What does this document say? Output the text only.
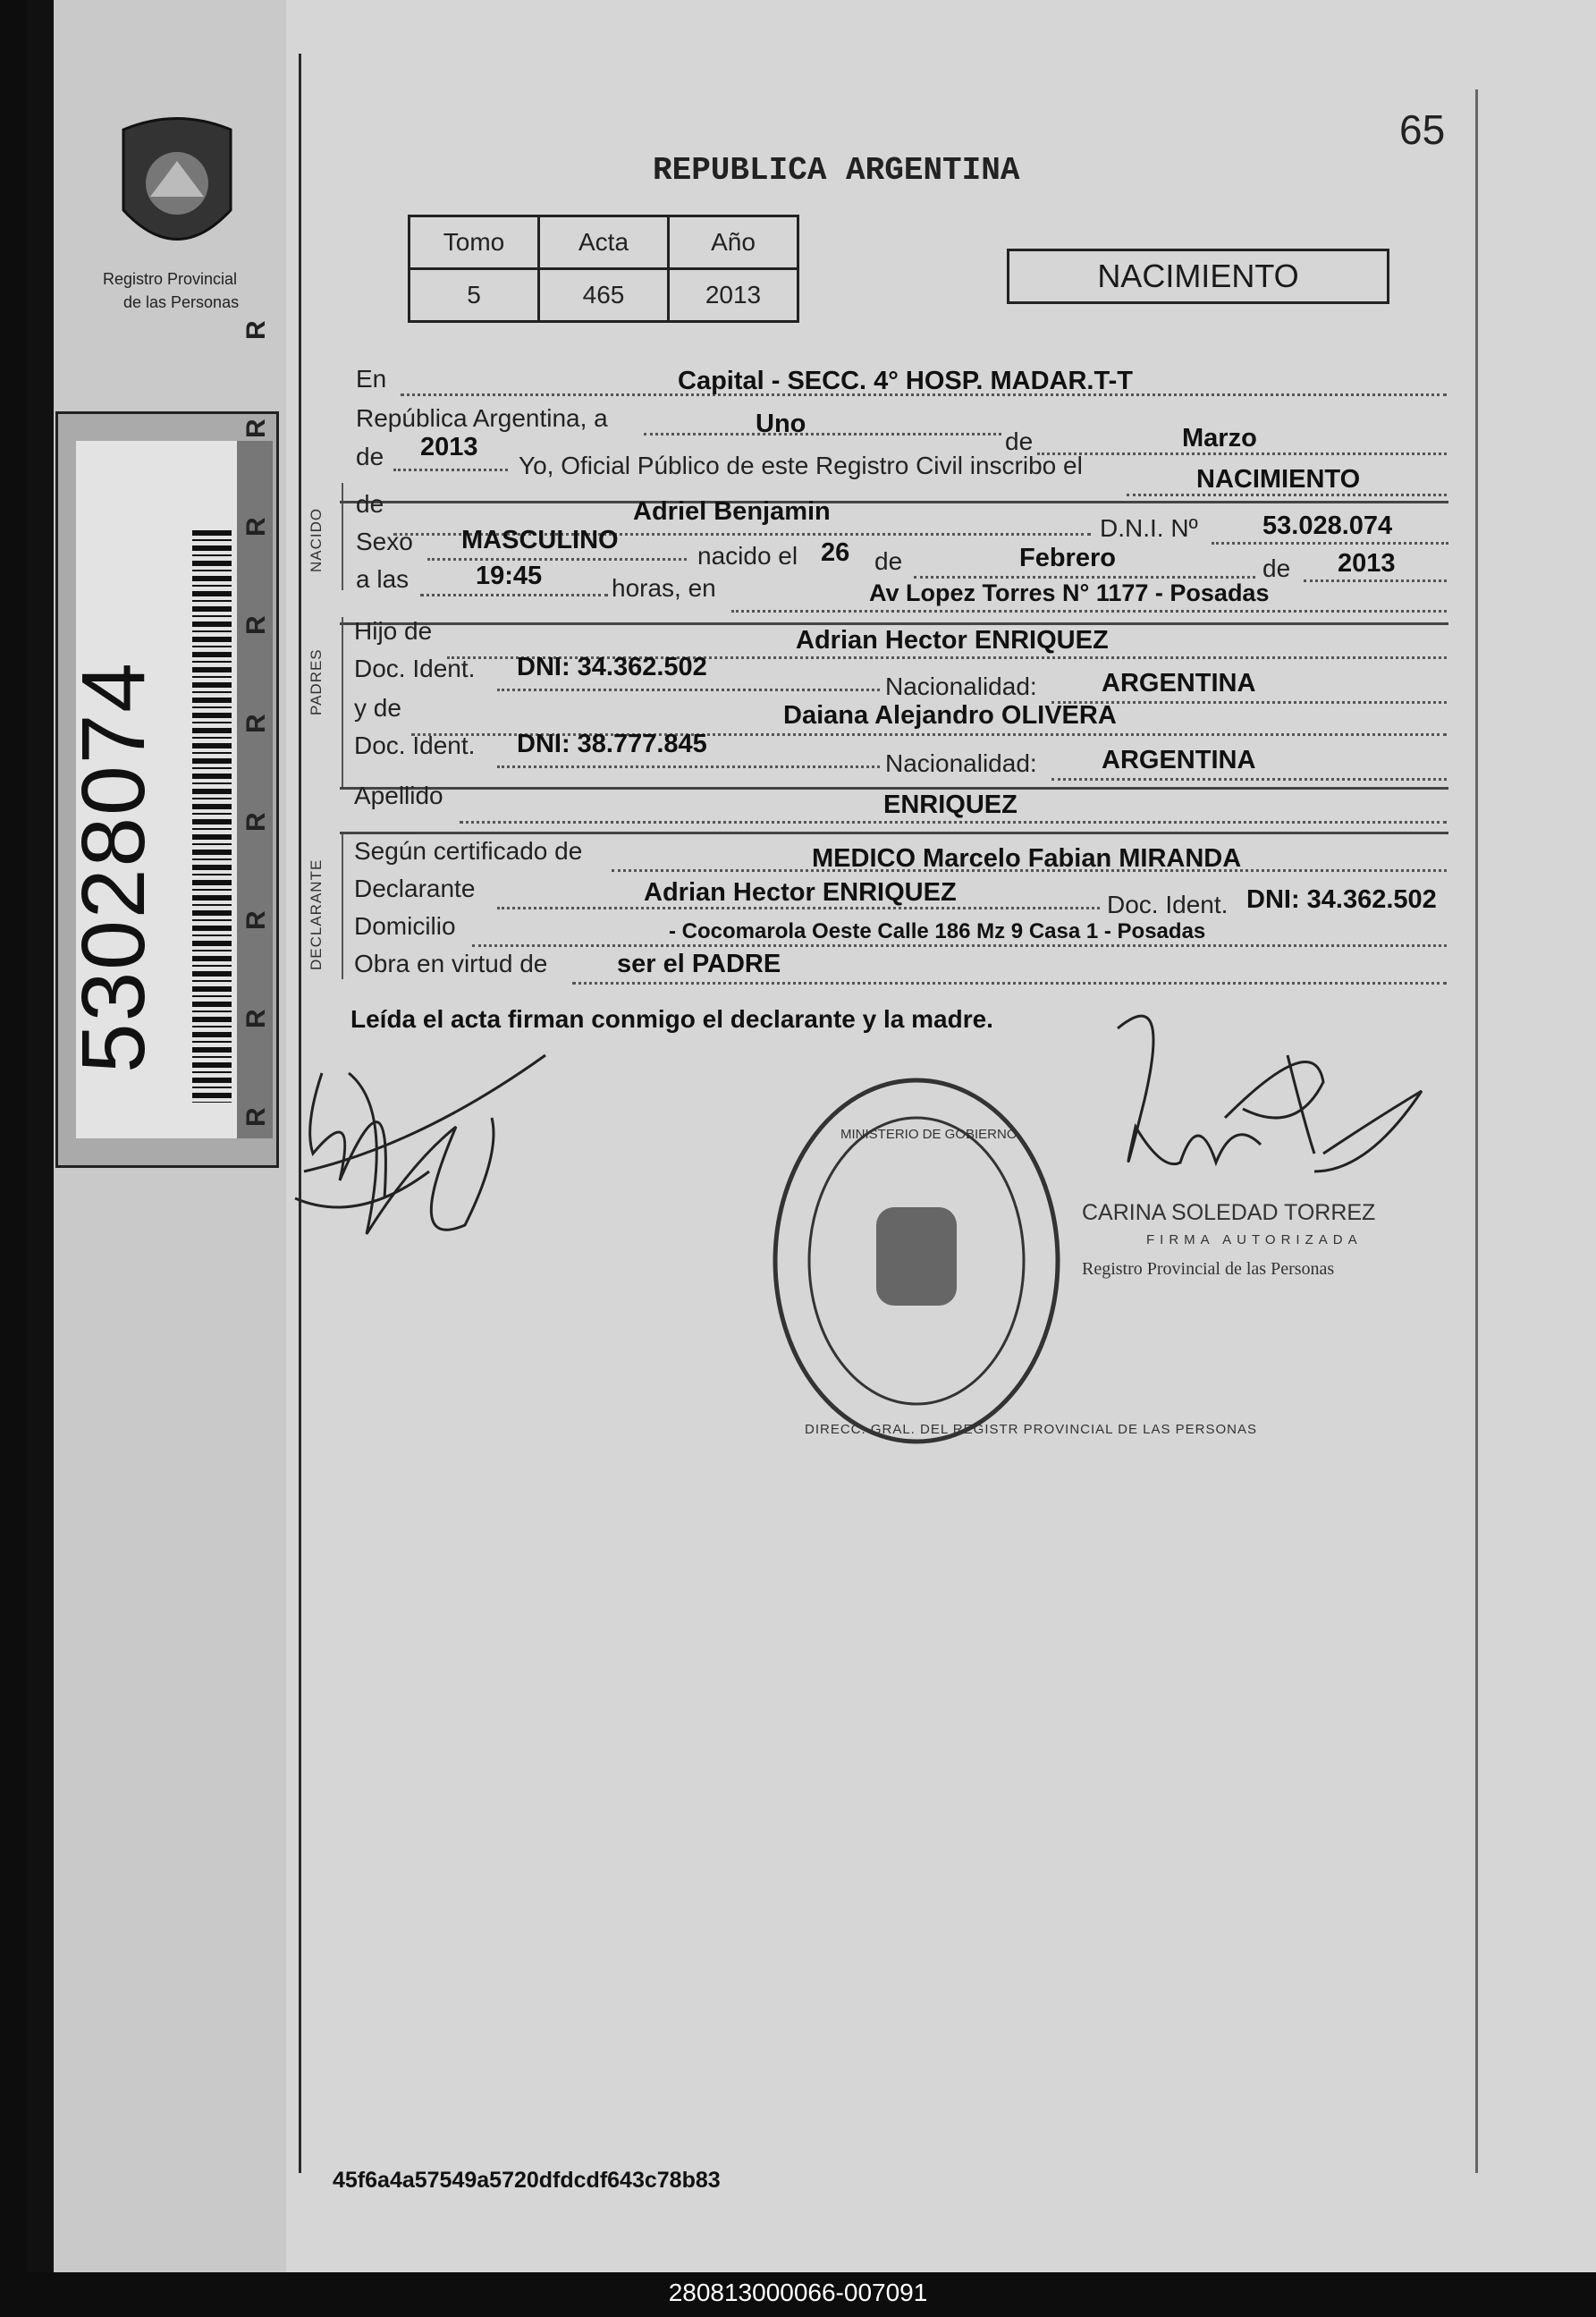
Registro Provincial
de las Personas
53028074	R R R R R R R R R
65
REPUBLICA ARGENTINA
Tomo	Acta	Año
5	465	2013
NACIMIENTO
NACIDO
PADRES
DECLARANTE
En	Capital - SECC. 4° HOSP. MADAR.T-T
República Argentina, a	Uno
de	Marzo
de 2013
Yo, Oficial Público de este Registro Civil inscribo el	NACIMIENTO
de	Adriel Benjamin
D.N.I. Nº 53.028.074
Sexo MASCULINO
nacido el 26 de	Febrero	de 2013
a las	19:45	horas, en	Av Lopez Torres N° 1177 - Posadas
Hijo de	Adrian Hector ENRIQUEZ
Doc. Ident. DNI: 34.362.502
Nacionalidad: ARGENTINA
y de	Daiana Alejandro OLIVERA
Doc. Ident. DNI: 38.777.845
Nacionalidad: ARGENTINA
Apellido	ENRIQUEZ
Según certificado de	MEDICO Marcelo Fabian MIRANDA
Declarante	Adrian Hector ENRIQUEZ	Doc. Ident. DNI: 34.362.502
Domicilio	- Cocomarola Oeste Calle 186 Mz 9 Casa 1 - Posadas
Obra en virtud de	ser el PADRE
Leída el acta firman conmigo el declarante y la madre.
MINISTERIO DE GOBIERNO
CARINA SOLEDAD TORREZ
FIRMA AUTORIZADA
Registro Provincial de las Personas
45f6a4a57549a5720dfdcdf643c78b83
280813000066-007091
